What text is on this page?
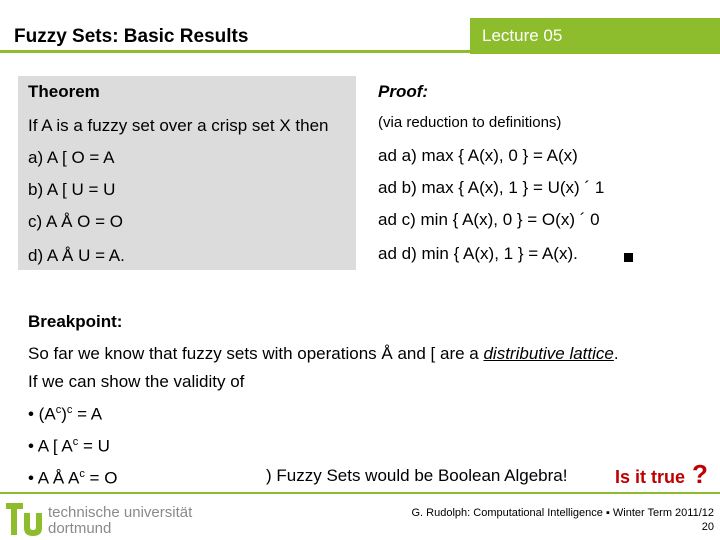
Fuzzy Sets: Basic Results	Lecture 05
Theorem
If A is a fuzzy set over a crisp set X then
a) A [ O = A
b) A [ U = U
c) A Å O = O
d) A Å U = A.
Proof:
(via reduction to definitions)
ad a) max { A(x), 0 } = A(x)
ad b) max { A(x), 1 } = U(x) ´ 1
ad c) min { A(x), 0 } = O(x) ´ 0
ad d) min { A(x), 1 } = A(x).
Breakpoint:
So far we know that fuzzy sets with operations Å and [ are a distributive lattice.
If we can show the validity of
• $(A^c)^c = A$
• A [ $A^c = U$
• A Å $A^c = O$	) Fuzzy Sets would be Boolean Algebra!	Is it true ?
technische universität
dortmund
G. Rudolph: Computational Intelligence ▪ Winter Term 2011/12
20
